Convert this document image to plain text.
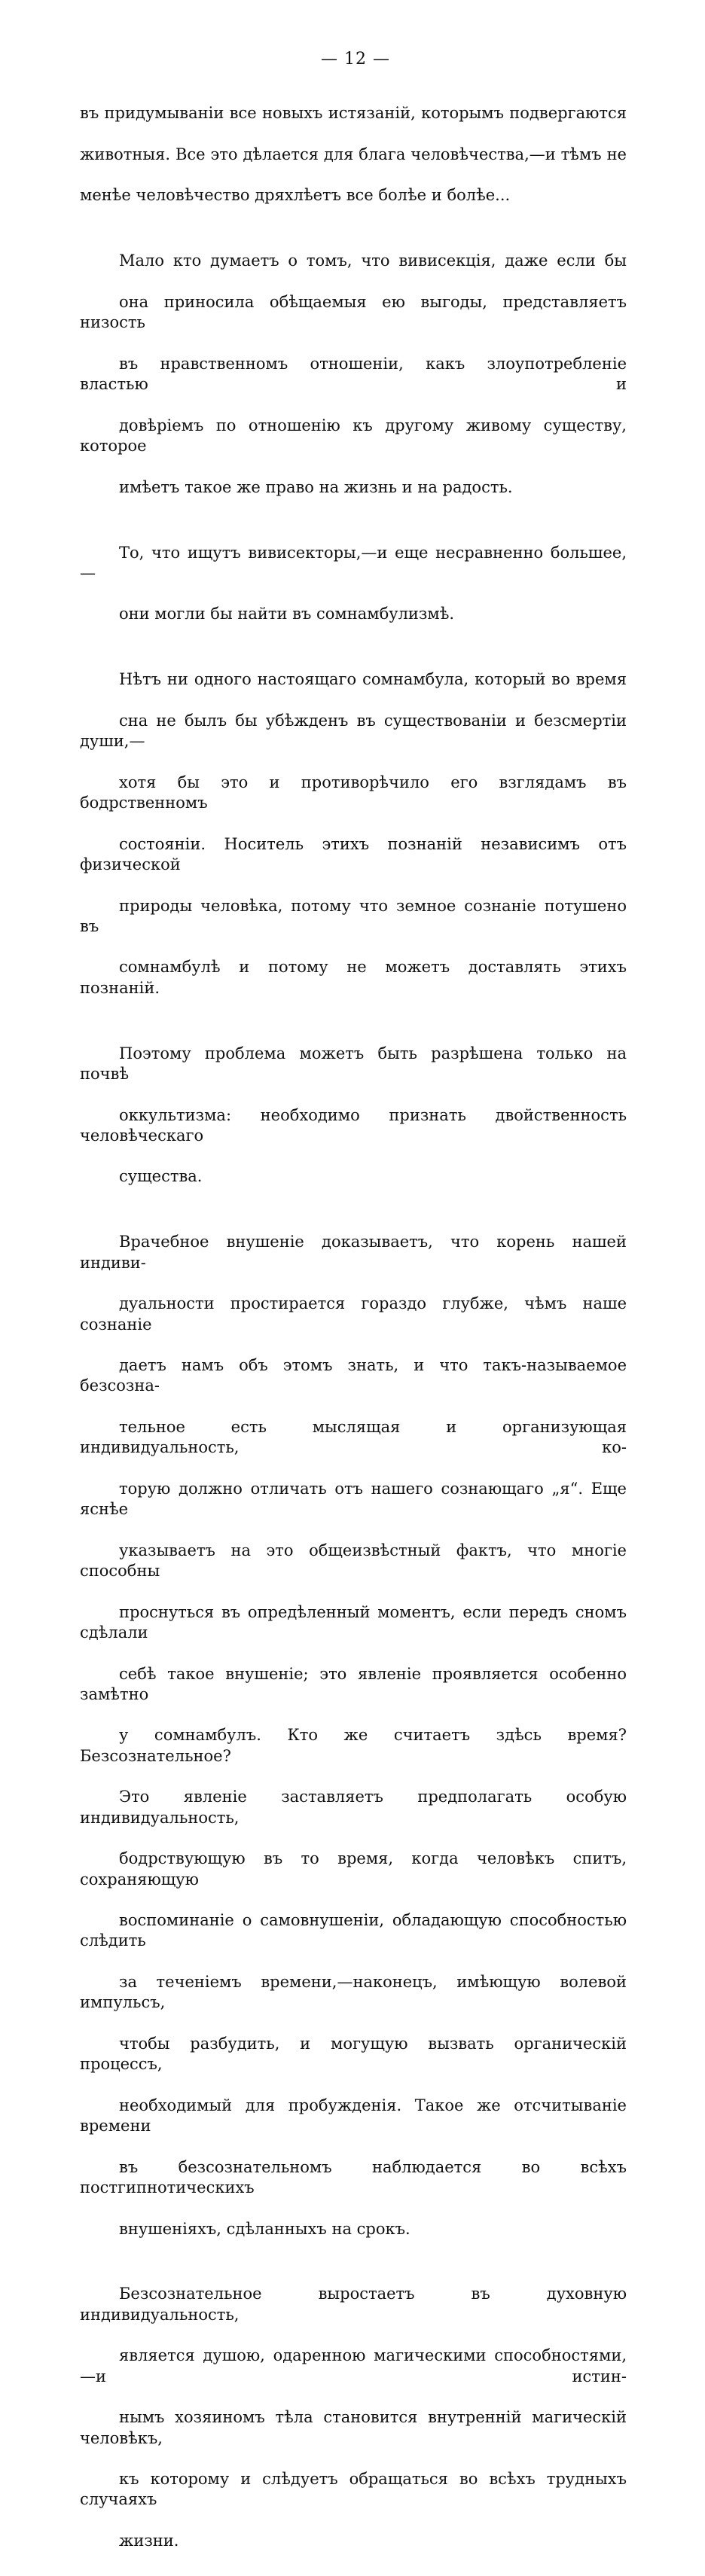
— 12 —

въ придумываніи все новыхъ истязаній, которымъ подвергаются

животныя. Все это дѣлается для блага человѣчества,—и тѣмъ не

менѣе человѣчество дряхлѣетъ все болѣе и болѣе...

Мало кто думаетъ о томъ, что вивисекція, даже если бы

она приносила обѣщаемыя ею выгоды, представляетъ низость

въ нравственномъ отношеніи, какъ злоупотребленіе властью и

довѣріемъ по отношенію къ другому живому существу, которое

имѣетъ такое же право на жизнь и на радость.

То, что ищутъ вивисекторы,—и еще несравненно большее,—

они могли бы найти въ сомнамбулизмѣ.

Нѣтъ ни одного настоящаго сомнамбула, который во время

сна не былъ бы убѣжденъ въ существованіи и безсмертіи души,—

хотя бы это и противорѣчило его взглядамъ въ бодрственномъ

состояніи. Носитель этихъ познаній независимъ отъ физической

природы человѣка, потому что земное сознаніе потушено въ

сомнамбулѣ и потому не можетъ доставлять этихъ познаній.

Поэтому проблема можетъ быть разрѣшена только на почвѣ

оккультизма: необходимо признать двойственность человѣческаго

существа.

Врачебное внушеніе доказываетъ, что корень нашей индиви-

дуальности простирается гораздо глубже, чѣмъ наше сознаніе

даетъ намъ объ этомъ знать, и что такъ-называемое безсозна-

тельное есть мыслящая и организующая индивидуальность, ко-

торую должно отличать отъ нашего сознающаго „я“. Еще яснѣе

указываетъ на это общеизвѣстный фактъ, что многіе способны

проснуться въ опредѣленный моментъ, если передъ сномъ сдѣлали

себѣ такое внушеніе; это явленіе проявляется особенно замѣтно

у сомнамбулъ. Кто же считаетъ здѣсь время? Безсознательное?

Это явленіе заставляетъ предполагать особую индивидуальность,

бодрствующую въ то время, когда человѣкъ спитъ, сохраняющую

воспоминаніе о самовнушеніи, обладающую способностью слѣдить

за теченіемъ времени,—наконецъ, имѣющую волевой импульсъ,

чтобы разбудить, и могущую вызвать органическій процессъ,

необходимый для пробужденія. Такое же отсчитываніе времени

въ безсознательномъ наблюдается во всѣхъ постгипнотическихъ

внушеніяхъ, сдѣланныхъ на срокъ.

Безсознательное выростаетъ въ духовную индивидуальность,

является душою, одаренною магическими способностями,—и истин-

нымъ хозяиномъ тѣла становится внутренній магическій человѣкъ,

къ которому и слѣдуетъ обращаться во всѣхъ трудныхъ случаяхъ

жизни.
